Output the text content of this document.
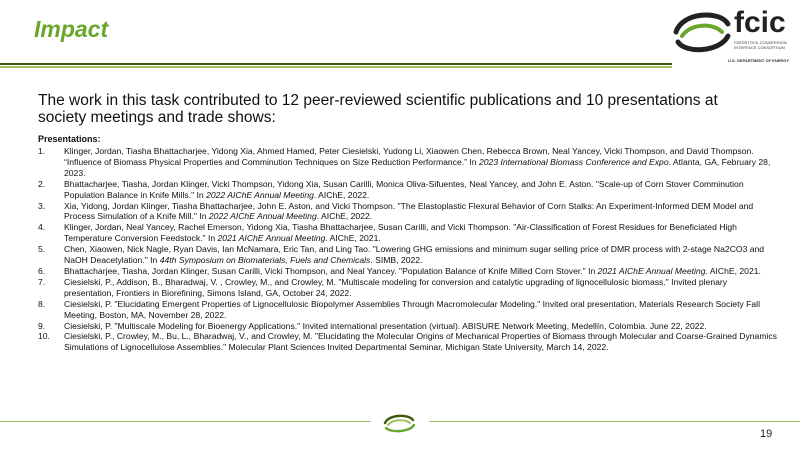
Impact	fcic
FEEDSTOCK-CONVERSION INTERFACE CONSORTIUM
U.S. DEPARTMENT OF ENERGY
The work in this task contributed to 12 peer-reviewed scientific publications and 10 presentations at society meetings and trade shows:
Presentations:
1. Klinger, Jordan, Tiasha Bhattacharjee, Yidong Xia, Ahmed Hamed, Peter Ciesielski, Yudong Li, Xiaowen Chen, Rebecca Brown, Neal Yancey, Vicki Thompson, and David Thompson. “Influence of Biomass Physical Properties and Comminution Techniques on Size Reduction Performance.” In 2023 International Biomass Conference and Expo. Atlanta, GA, February 28, 2023.
2. Bhattacharjee, Tiasha, Jordan Klinger, Vicki Thompson, Yidong Xia, Susan Carilli, Monica Oliva-Sifuentes, Neal Yancey, and John E. Aston. "Scale-up of Corn Stover Comminution Population Balance in Knife Mills." In 2022 AIChE Annual Meeting. AIChE, 2022.
3. Xia, Yidong, Jordan Klinger, Tiasha Bhattacharjee, John E. Aston, and Vicki Thompson. "The Elastoplastic Flexural Behavior of Corn Stalks: An Experiment-Informed DEM Model and Process Simulation of a Knife Mill." In 2022 AIChE Annual Meeting. AIChE, 2022.
4. Klinger, Jordan, Neal Yancey, Rachel Emerson, Yidong Xia, Tiasha Bhattacharjee, Susan Carilli, and Vicki Thompson. "Air-Classification of Forest Residues for Beneficiated High Temperature Conversion Feedstock." In 2021 AIChE Annual Meeting. AIChE, 2021.
5. Chen, Xiaowen, Nick Nagle, Ryan Davis, Ian McNamara, Eric Tan, and Ling Tao. "Lowering GHG emissions and minimum sugar selling price of DMR process with 2-stage Na2CO3 and NaOH Deacetylation." In 44th Symposium on Biomaterials, Fuels and Chemicals. SIMB, 2022.
6. Bhattacharjee, Tiasha, Jordan Klinger, Susan Carilli, Vicki Thompson, and Neal Yancey. "Population Balance of Knife Milled Corn Stover." In 2021 AIChE Annual Meeting. AIChE, 2021.
7. Ciesielski, P., Addison, B., Bharadwaj, V. , Crowley, M., and Crowley, M. "Multiscale modeling for conversion and catalytic upgrading of lignocellulosic biomass." Invited plenary presentation, Frontiers in Biorefining, Simons Island, GA, October 24, 2022.
8. Ciesielski, P. "Elucidating Emergent Properties of Lignocellulosic Biopolymer Assemblies Through Macromolecular Modeling." Invited oral presentation, Materials Research Society Fall Meeting, Boston, MA, November 28, 2022.
9. Ciesielski, P. "Multiscale Modeling for Bioenergy Applications." Invited international presentation (virtual). ABISURE Network Meeting, Medellín, Colombia. June 22, 2022.
10. Ciesielski, P., Crowley, M., Bu, L., Bharadwaj, V., and Crowley, M. "Elucidating the Molecular Origins of Mechanical Properties of Biomass through Molecular and Coarse-Grained Dynamics Simulations of Lignocellulose Assemblies." Molecular Plant Sciences Invited Departmental Seminar, Michigan State University, March 14, 2022.
19
